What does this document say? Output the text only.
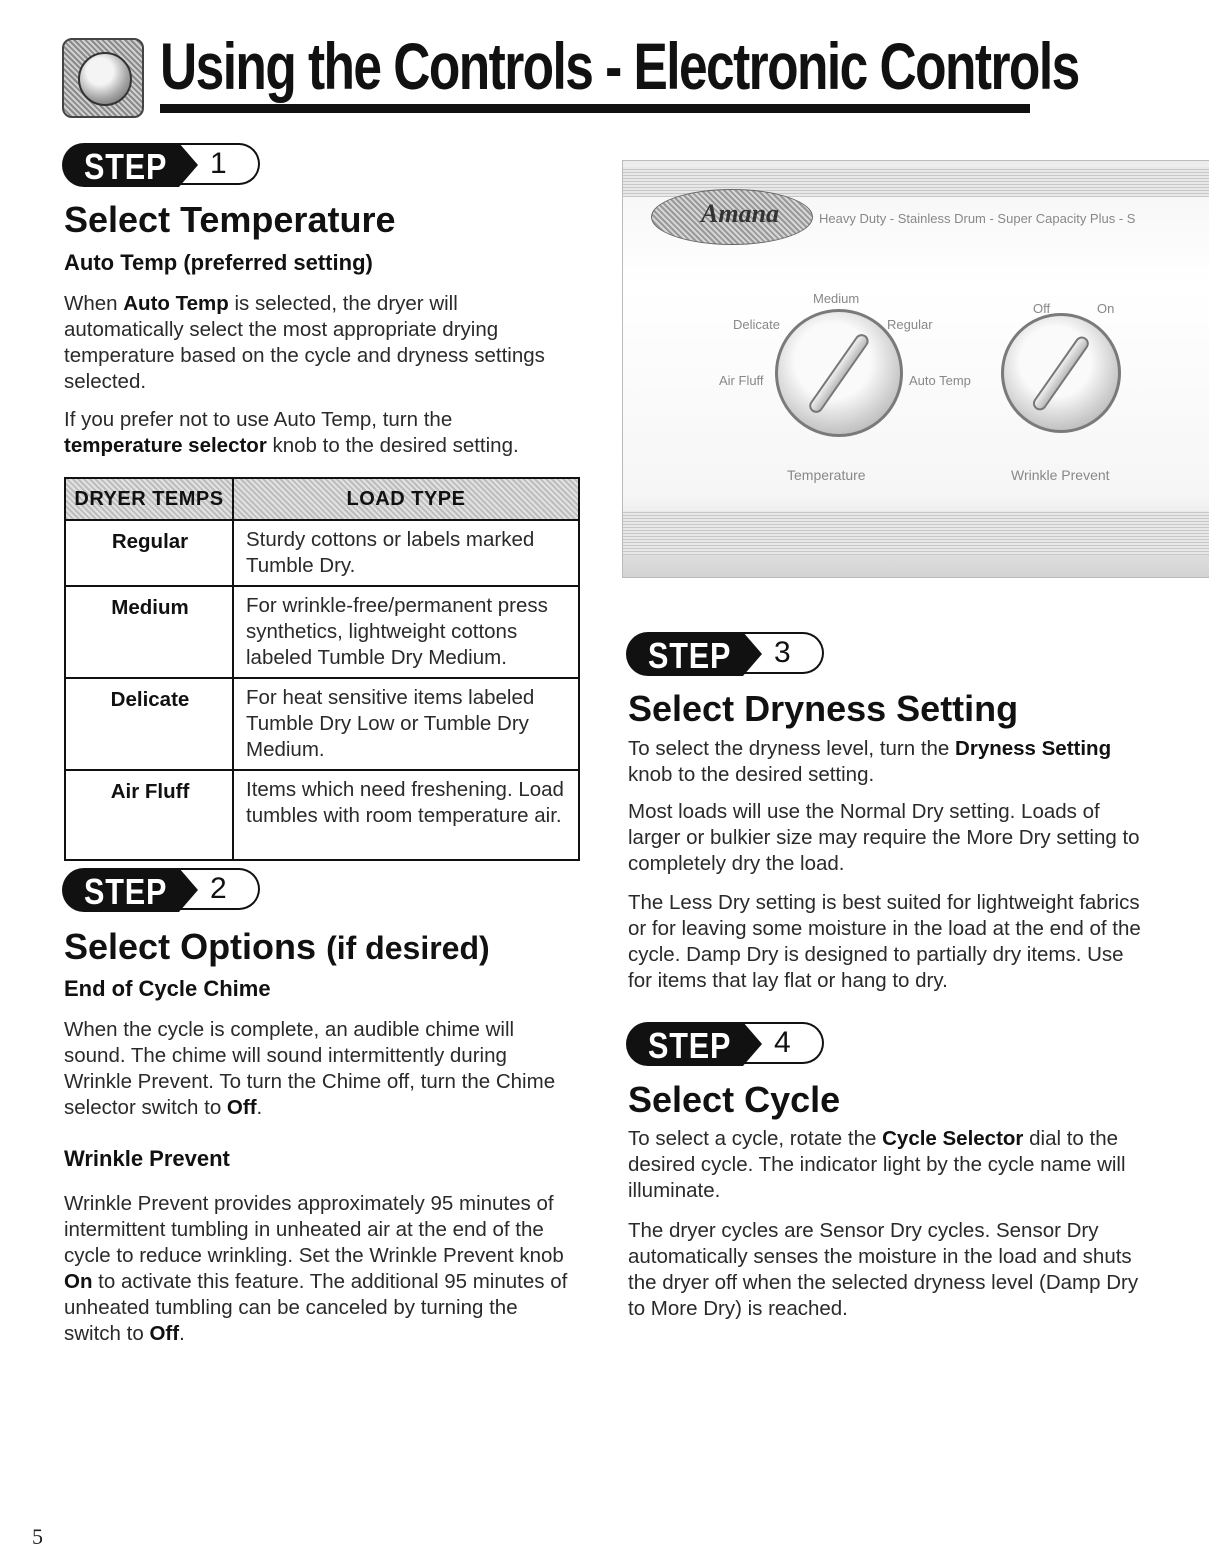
Using the Controls - Electronic Controls
STEP 1
Select Temperature
Auto Temp (preferred setting)

When Auto Temp is selected, the dryer will automatically select the most appropriate drying temperature based on the cycle and dryness settings selected.

If you prefer not to use Auto Temp, turn the temperature selector knob to the desired setting.

DRYER TEMPS	LOAD TYPE
Regular	Sturdy cottons or labels marked Tumble Dry.
Medium	For wrinkle-free/permanent press synthetics, lightweight cottons labeled Tumble Dry Medium.
Delicate	For heat sensitive items labeled Tumble Dry Low or Tumble Dry Medium.
Air Fluff	Items which need freshening. Load tumbles with room temperature air.
STEP 2
Select Options (if desired)
End of Cycle Chime

When the cycle is complete, an audible chime will sound. The chime will sound intermittently during Wrinkle Prevent. To turn the Chime off, turn the Chime selector switch to Off.

Wrinkle Prevent

Wrinkle Prevent provides approximately 95 minutes of intermittent tumbling in unheated air at the end of the cycle to reduce wrinkling. Set the Wrinkle Prevent knob On to activate this feature. The additional 95 minutes of unheated tumbling can be canceled by turning the switch to Off.

Amana	Heavy Duty - Stainless Drum - Super Capacity Plus - S
Medium
Delicate	Regular
Air Fluff	Auto Temp
Temperature
Off	On
Wrinkle Prevent
STEP 3
Select Dryness Setting

To select the dryness level, turn the Dryness Setting knob to the desired setting.

Most loads will use the Normal Dry setting. Loads of larger or bulkier size may require the More Dry setting to completely dry the load.

The Less Dry setting is best suited for lightweight fabrics or for leaving some moisture in the load at the end of the cycle. Damp Dry is designed to partially dry items. Use for items that lay flat or hang to dry.

STEP 4
Select Cycle

To select a cycle, rotate the Cycle Selector dial to the desired cycle. The indicator light by the cycle name will illuminate.

The dryer cycles are Sensor Dry cycles. Sensor Dry automatically senses the moisture in the load and shuts the dryer off when the selected dryness level (Damp Dry to More Dry) is reached.

5
